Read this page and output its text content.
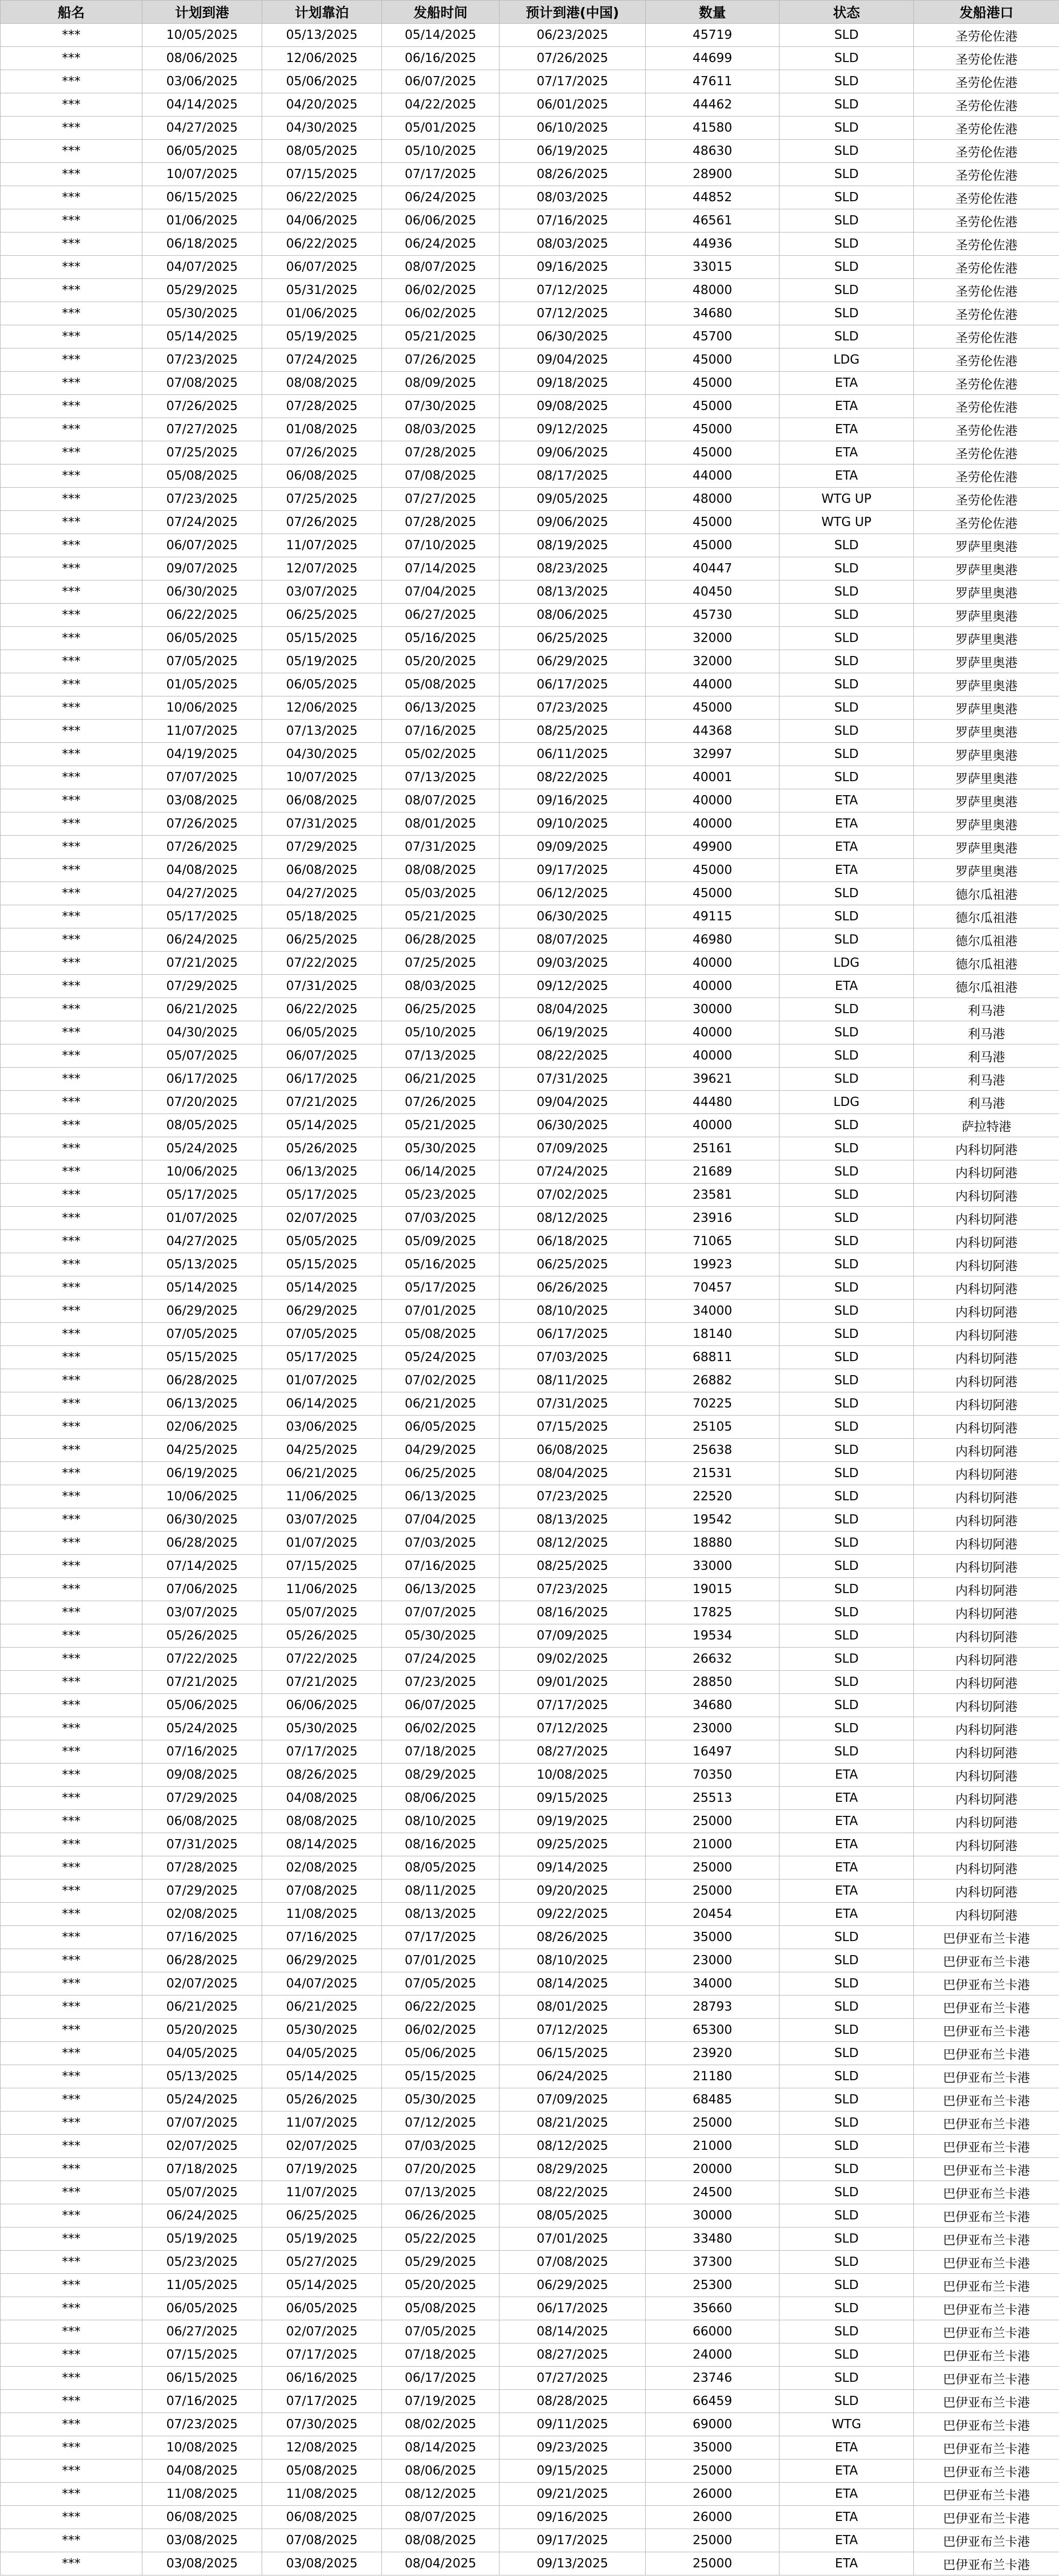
船名	计划到港	计划靠泊	发船时间	预计到港(中国)	数量	状态	发船港口
***	10/05/2025	05/13/2025	05/14/2025	06/23/2025	45719	SLD	圣劳伦佐港
***	08/06/2025	12/06/2025	06/16/2025	07/26/2025	44699	SLD	圣劳伦佐港
***	03/06/2025	05/06/2025	06/07/2025	07/17/2025	47611	SLD	圣劳伦佐港
***	04/14/2025	04/20/2025	04/22/2025	06/01/2025	44462	SLD	圣劳伦佐港
***	04/27/2025	04/30/2025	05/01/2025	06/10/2025	41580	SLD	圣劳伦佐港
***	06/05/2025	08/05/2025	05/10/2025	06/19/2025	48630	SLD	圣劳伦佐港
***	10/07/2025	07/15/2025	07/17/2025	08/26/2025	28900	SLD	圣劳伦佐港
***	06/15/2025	06/22/2025	06/24/2025	08/03/2025	44852	SLD	圣劳伦佐港
***	01/06/2025	04/06/2025	06/06/2025	07/16/2025	46561	SLD	圣劳伦佐港
***	06/18/2025	06/22/2025	06/24/2025	08/03/2025	44936	SLD	圣劳伦佐港
***	04/07/2025	06/07/2025	08/07/2025	09/16/2025	33015	SLD	圣劳伦佐港
***	05/29/2025	05/31/2025	06/02/2025	07/12/2025	48000	SLD	圣劳伦佐港
***	05/30/2025	01/06/2025	06/02/2025	07/12/2025	34680	SLD	圣劳伦佐港
***	05/14/2025	05/19/2025	05/21/2025	06/30/2025	45700	SLD	圣劳伦佐港
***	07/23/2025	07/24/2025	07/26/2025	09/04/2025	45000	LDG	圣劳伦佐港
***	07/08/2025	08/08/2025	08/09/2025	09/18/2025	45000	ETA	圣劳伦佐港
***	07/26/2025	07/28/2025	07/30/2025	09/08/2025	45000	ETA	圣劳伦佐港
***	07/27/2025	01/08/2025	08/03/2025	09/12/2025	45000	ETA	圣劳伦佐港
***	07/25/2025	07/26/2025	07/28/2025	09/06/2025	45000	ETA	圣劳伦佐港
***	05/08/2025	06/08/2025	07/08/2025	08/17/2025	44000	ETA	圣劳伦佐港
***	07/23/2025	07/25/2025	07/27/2025	09/05/2025	48000	WTG UP	圣劳伦佐港
***	07/24/2025	07/26/2025	07/28/2025	09/06/2025	45000	WTG UP	圣劳伦佐港
***	06/07/2025	11/07/2025	07/10/2025	08/19/2025	45000	SLD	罗萨里奥港
***	09/07/2025	12/07/2025	07/14/2025	08/23/2025	40447	SLD	罗萨里奥港
***	06/30/2025	03/07/2025	07/04/2025	08/13/2025	40450	SLD	罗萨里奥港
***	06/22/2025	06/25/2025	06/27/2025	08/06/2025	45730	SLD	罗萨里奥港
***	06/05/2025	05/15/2025	05/16/2025	06/25/2025	32000	SLD	罗萨里奥港
***	07/05/2025	05/19/2025	05/20/2025	06/29/2025	32000	SLD	罗萨里奥港
***	01/05/2025	06/05/2025	05/08/2025	06/17/2025	44000	SLD	罗萨里奥港
***	10/06/2025	12/06/2025	06/13/2025	07/23/2025	45000	SLD	罗萨里奥港
***	11/07/2025	07/13/2025	07/16/2025	08/25/2025	44368	SLD	罗萨里奥港
***	04/19/2025	04/30/2025	05/02/2025	06/11/2025	32997	SLD	罗萨里奥港
***	07/07/2025	10/07/2025	07/13/2025	08/22/2025	40001	SLD	罗萨里奥港
***	03/08/2025	06/08/2025	08/07/2025	09/16/2025	40000	ETA	罗萨里奥港
***	07/26/2025	07/31/2025	08/01/2025	09/10/2025	40000	ETA	罗萨里奥港
***	07/26/2025	07/29/2025	07/31/2025	09/09/2025	49900	ETA	罗萨里奥港
***	04/08/2025	06/08/2025	08/08/2025	09/17/2025	45000	ETA	罗萨里奥港
***	04/27/2025	04/27/2025	05/03/2025	06/12/2025	45000	SLD	德尔瓜祖港
***	05/17/2025	05/18/2025	05/21/2025	06/30/2025	49115	SLD	德尔瓜祖港
***	06/24/2025	06/25/2025	06/28/2025	08/07/2025	46980	SLD	德尔瓜祖港
***	07/21/2025	07/22/2025	07/25/2025	09/03/2025	40000	LDG	德尔瓜祖港
***	07/29/2025	07/31/2025	08/03/2025	09/12/2025	40000	ETA	德尔瓜祖港
***	06/21/2025	06/22/2025	06/25/2025	08/04/2025	30000	SLD	利马港
***	04/30/2025	06/05/2025	05/10/2025	06/19/2025	40000	SLD	利马港
***	05/07/2025	06/07/2025	07/13/2025	08/22/2025	40000	SLD	利马港
***	06/17/2025	06/17/2025	06/21/2025	07/31/2025	39621	SLD	利马港
***	07/20/2025	07/21/2025	07/26/2025	09/04/2025	44480	LDG	利马港
***	08/05/2025	05/14/2025	05/21/2025	06/30/2025	40000	SLD	萨拉特港
***	05/24/2025	05/26/2025	05/30/2025	07/09/2025	25161	SLD	内科切阿港
***	10/06/2025	06/13/2025	06/14/2025	07/24/2025	21689	SLD	内科切阿港
***	05/17/2025	05/17/2025	05/23/2025	07/02/2025	23581	SLD	内科切阿港
***	01/07/2025	02/07/2025	07/03/2025	08/12/2025	23916	SLD	内科切阿港
***	04/27/2025	05/05/2025	05/09/2025	06/18/2025	71065	SLD	内科切阿港
***	05/13/2025	05/15/2025	05/16/2025	06/25/2025	19923	SLD	内科切阿港
***	05/14/2025	05/14/2025	05/17/2025	06/26/2025	70457	SLD	内科切阿港
***	06/29/2025	06/29/2025	07/01/2025	08/10/2025	34000	SLD	内科切阿港
***	07/05/2025	07/05/2025	05/08/2025	06/17/2025	18140	SLD	内科切阿港
***	05/15/2025	05/17/2025	05/24/2025	07/03/2025	68811	SLD	内科切阿港
***	06/28/2025	01/07/2025	07/02/2025	08/11/2025	26882	SLD	内科切阿港
***	06/13/2025	06/14/2025	06/21/2025	07/31/2025	70225	SLD	内科切阿港
***	02/06/2025	03/06/2025	06/05/2025	07/15/2025	25105	SLD	内科切阿港
***	04/25/2025	04/25/2025	04/29/2025	06/08/2025	25638	SLD	内科切阿港
***	06/19/2025	06/21/2025	06/25/2025	08/04/2025	21531	SLD	内科切阿港
***	10/06/2025	11/06/2025	06/13/2025	07/23/2025	22520	SLD	内科切阿港
***	06/30/2025	03/07/2025	07/04/2025	08/13/2025	19542	SLD	内科切阿港
***	06/28/2025	01/07/2025	07/03/2025	08/12/2025	18880	SLD	内科切阿港
***	07/14/2025	07/15/2025	07/16/2025	08/25/2025	33000	SLD	内科切阿港
***	07/06/2025	11/06/2025	06/13/2025	07/23/2025	19015	SLD	内科切阿港
***	03/07/2025	05/07/2025	07/07/2025	08/16/2025	17825	SLD	内科切阿港
***	05/26/2025	05/26/2025	05/30/2025	07/09/2025	19534	SLD	内科切阿港
***	07/22/2025	07/22/2025	07/24/2025	09/02/2025	26632	SLD	内科切阿港
***	07/21/2025	07/21/2025	07/23/2025	09/01/2025	28850	SLD	内科切阿港
***	05/06/2025	06/06/2025	06/07/2025	07/17/2025	34680	SLD	内科切阿港
***	05/24/2025	05/30/2025	06/02/2025	07/12/2025	23000	SLD	内科切阿港
***	07/16/2025	07/17/2025	07/18/2025	08/27/2025	16497	SLD	内科切阿港
***	09/08/2025	08/26/2025	08/29/2025	10/08/2025	70350	ETA	内科切阿港
***	07/29/2025	04/08/2025	08/06/2025	09/15/2025	25513	ETA	内科切阿港
***	06/08/2025	08/08/2025	08/10/2025	09/19/2025	25000	ETA	内科切阿港
***	07/31/2025	08/14/2025	08/16/2025	09/25/2025	21000	ETA	内科切阿港
***	07/28/2025	02/08/2025	08/05/2025	09/14/2025	25000	ETA	内科切阿港
***	07/29/2025	07/08/2025	08/11/2025	09/20/2025	25000	ETA	内科切阿港
***	02/08/2025	11/08/2025	08/13/2025	09/22/2025	20454	ETA	内科切阿港
***	07/16/2025	07/16/2025	07/17/2025	08/26/2025	35000	SLD	巴伊亚布兰卡港
***	06/28/2025	06/29/2025	07/01/2025	08/10/2025	23000	SLD	巴伊亚布兰卡港
***	02/07/2025	04/07/2025	07/05/2025	08/14/2025	34000	SLD	巴伊亚布兰卡港
***	06/21/2025	06/21/2025	06/22/2025	08/01/2025	28793	SLD	巴伊亚布兰卡港
***	05/20/2025	05/30/2025	06/02/2025	07/12/2025	65300	SLD	巴伊亚布兰卡港
***	04/05/2025	04/05/2025	05/06/2025	06/15/2025	23920	SLD	巴伊亚布兰卡港
***	05/13/2025	05/14/2025	05/15/2025	06/24/2025	21180	SLD	巴伊亚布兰卡港
***	05/24/2025	05/26/2025	05/30/2025	07/09/2025	68485	SLD	巴伊亚布兰卡港
***	07/07/2025	11/07/2025	07/12/2025	08/21/2025	25000	SLD	巴伊亚布兰卡港
***	02/07/2025	02/07/2025	07/03/2025	08/12/2025	21000	SLD	巴伊亚布兰卡港
***	07/18/2025	07/19/2025	07/20/2025	08/29/2025	20000	SLD	巴伊亚布兰卡港
***	05/07/2025	11/07/2025	07/13/2025	08/22/2025	24500	SLD	巴伊亚布兰卡港
***	06/24/2025	06/25/2025	06/26/2025	08/05/2025	30000	SLD	巴伊亚布兰卡港
***	05/19/2025	05/19/2025	05/22/2025	07/01/2025	33480	SLD	巴伊亚布兰卡港
***	05/23/2025	05/27/2025	05/29/2025	07/08/2025	37300	SLD	巴伊亚布兰卡港
***	11/05/2025	05/14/2025	05/20/2025	06/29/2025	25300	SLD	巴伊亚布兰卡港
***	06/05/2025	06/05/2025	05/08/2025	06/17/2025	35660	SLD	巴伊亚布兰卡港
***	06/27/2025	02/07/2025	07/05/2025	08/14/2025	66000	SLD	巴伊亚布兰卡港
***	07/15/2025	07/17/2025	07/18/2025	08/27/2025	24000	SLD	巴伊亚布兰卡港
***	06/15/2025	06/16/2025	06/17/2025	07/27/2025	23746	SLD	巴伊亚布兰卡港
***	07/16/2025	07/17/2025	07/19/2025	08/28/2025	66459	SLD	巴伊亚布兰卡港
***	07/23/2025	07/30/2025	08/02/2025	09/11/2025	69000	WTG	巴伊亚布兰卡港
***	10/08/2025	12/08/2025	08/14/2025	09/23/2025	35000	ETA	巴伊亚布兰卡港
***	04/08/2025	05/08/2025	08/06/2025	09/15/2025	25000	ETA	巴伊亚布兰卡港
***	11/08/2025	11/08/2025	08/12/2025	09/21/2025	26000	ETA	巴伊亚布兰卡港
***	06/08/2025	06/08/2025	08/07/2025	09/16/2025	26000	ETA	巴伊亚布兰卡港
***	03/08/2025	07/08/2025	08/08/2025	09/17/2025	25000	ETA	巴伊亚布兰卡港
***	03/08/2025	03/08/2025	08/04/2025	09/13/2025	25000	ETA	巴伊亚布兰卡港
